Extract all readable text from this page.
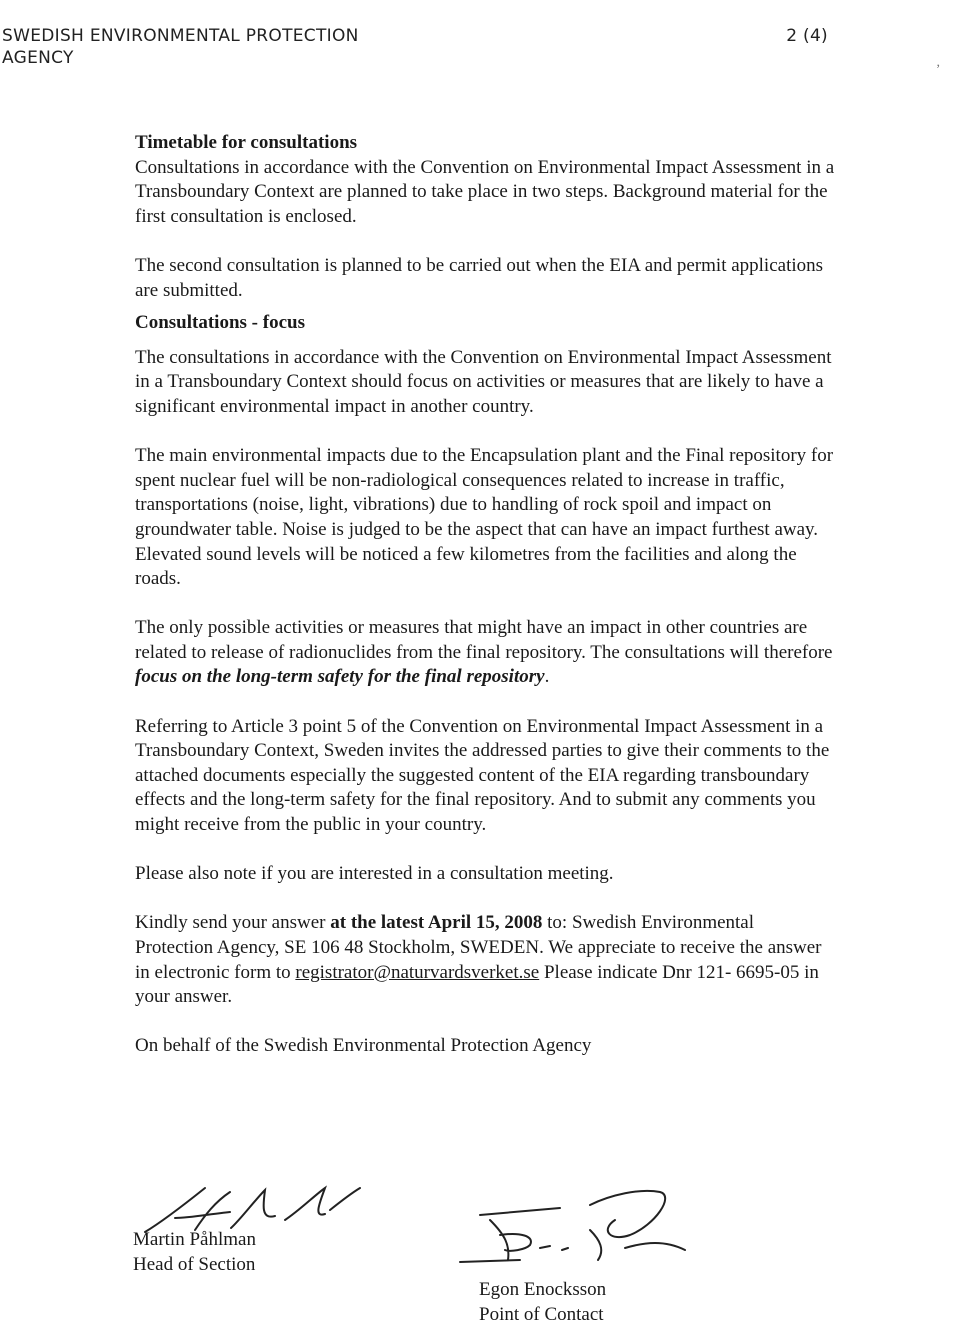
SWEDISH ENVIRONMENTAL PROTECTION AGENCY
2 (4)
,

Timetable for consultations

Consultations in accordance with the Convention on Environmental Impact Assessment in a Transboundary Context are planned to take place in two steps. Background material for the first consultation is enclosed.

The second consultation is planned to be carried out when the EIA and permit applications are submitted.

Consultations - focus

The consultations in accordance with the Convention on Environmental Impact Assessment in a Transboundary Context should focus on activities or measures that are likely to have a significant environmental impact in another country.

The main environmental impacts due to the Encapsulation plant and the Final repository for spent nuclear fuel will be non-radiological consequences related to increase in traffic, transportations (noise, light, vibrations) due to handling of rock spoil and impact on groundwater table. Noise is judged to be the aspect that can have an impact furthest away. Elevated sound levels will be noticed a few kilometres from the facilities and along the roads.

The only possible activities or measures that might have an impact in other countries are related to release of radionuclides from the final repository. The consultations will therefore focus on the long-term safety for the final repository.

Referring to Article 3 point 5 of the Convention on Environmental Impact Assessment in a Transboundary Context, Sweden invites the addressed parties to give their comments to the attached documents especially the suggested content of the EIA regarding transboundary effects and the long-term safety for the final repository. And to submit any comments you might receive from the public in your country.

Please also note if you are interested in a consultation meeting.

Kindly send your answer at the latest April 15, 2008 to: Swedish Environmental Protection Agency, SE 106 48 Stockholm, SWEDEN. We appreciate to receive the answer in electronic form to registrator@naturvardsverket.se Please indicate Dnr 121- 6695-05 in your answer.

On behalf of the Swedish Environmental Protection Agency

Martin Påhlman
Head of Section
Egon Enocksson
Point of Contact
